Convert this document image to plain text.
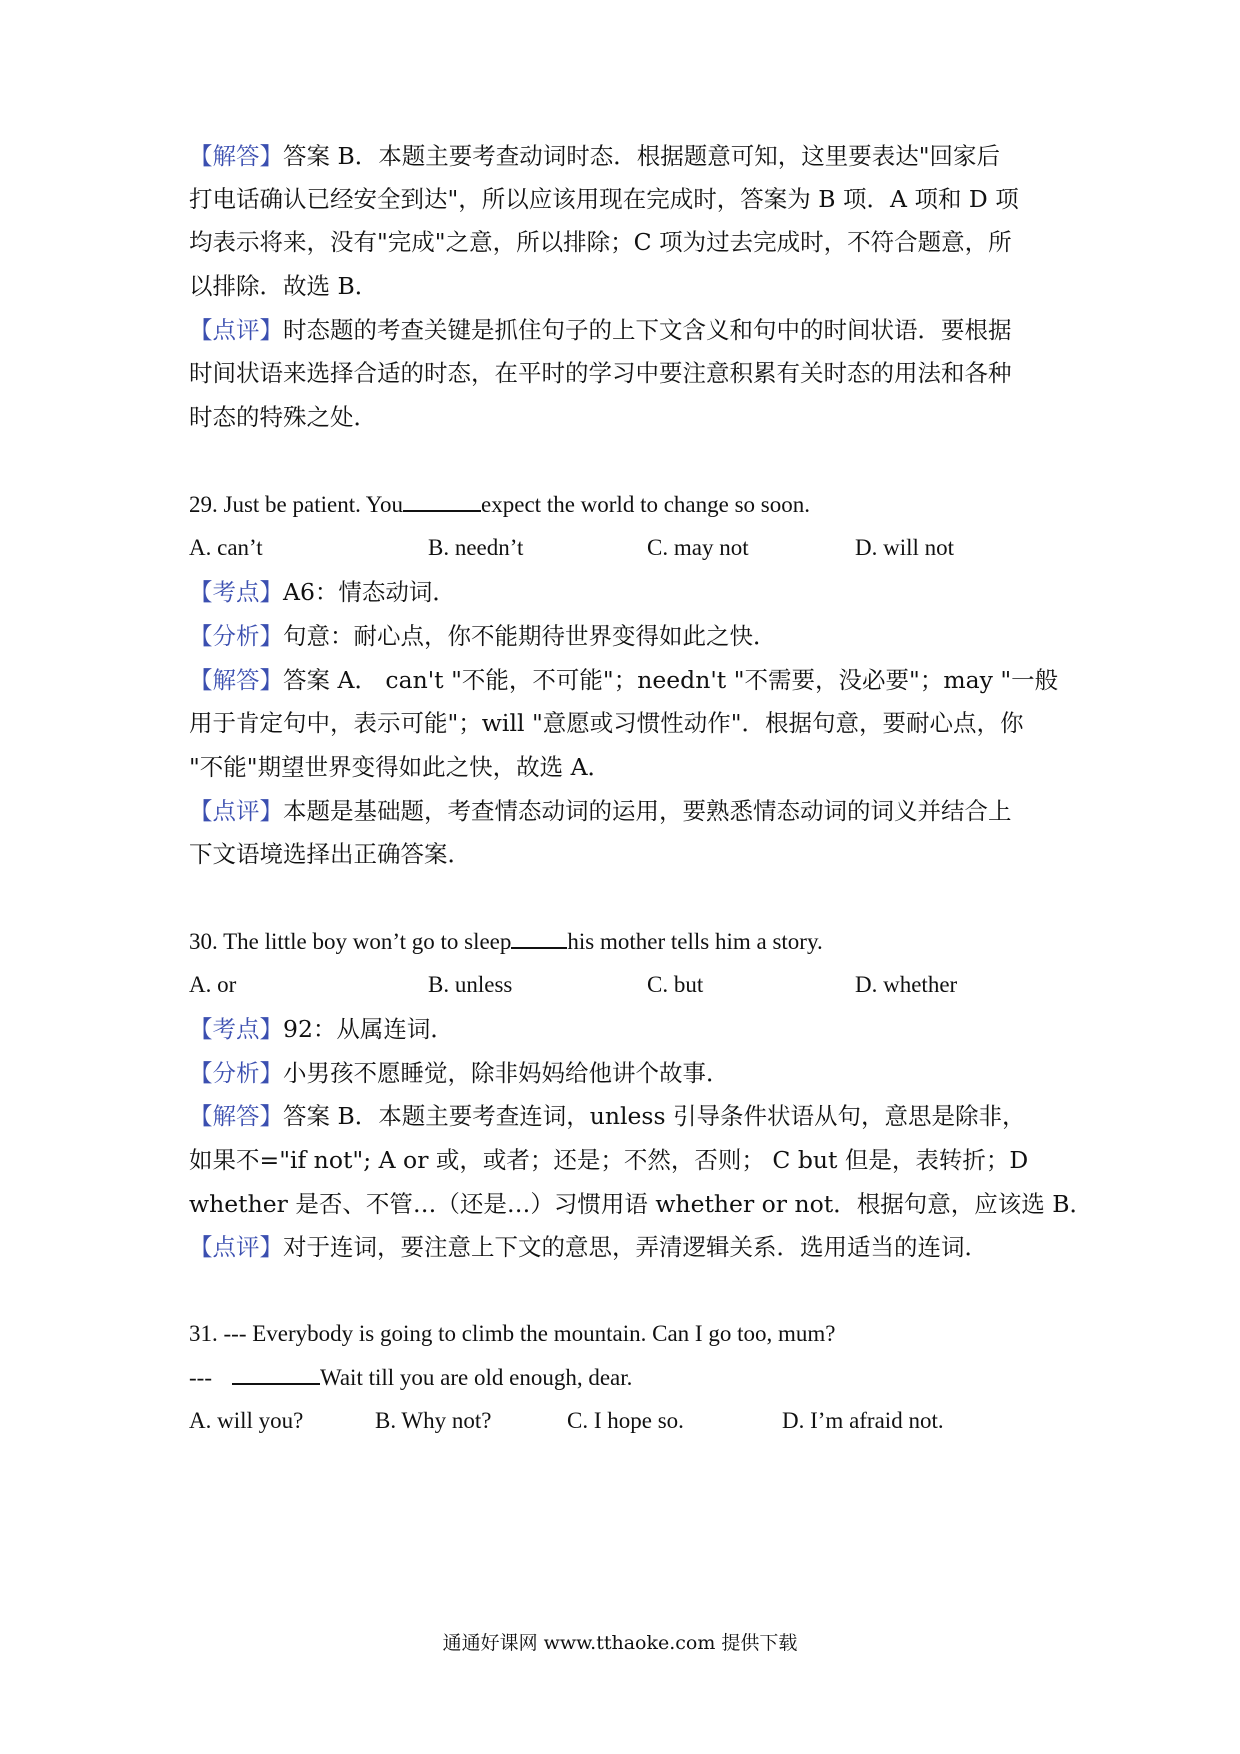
【解答】答案 B．本题主要考查动词时态．根据题意可知，这里要表达"回家后
打电话确认已经安全到达"，所以应该用现在完成时，答案为 B 项．A 项和 D 项
均表示将来，没有"完成"之意，所以排除；C 项为过去完成时，不符合题意，所
以排除．故选 B．
【点评】时态题的考查关键是抓住句子的上下文含义和句中的时间状语．要根据
时间状语来选择合适的时态，在平时的学习中要注意积累有关时态的用法和各种
时态的特殊之处．
29. Just be patient. You	expect the world to change so soon.
A. can’t	B. needn’t	C. may not	D. will not
【考点】A6：情态动词．
【分析】句意：耐心点，你不能期待世界变得如此之快．
【解答】答案 A． can't "不能，不可能"；needn't "不需要，没必要"；may "一般
用于肯定句中，表示可能"；will "意愿或习惯性动作"．根据句意，要耐心点，你
"不能"期望世界变得如此之快，故选 A．
【点评】本题是基础题，考查情态动词的运用，要熟悉情态动词的词义并结合上
下文语境选择出正确答案．
30. The little boy won’t go to sleep his mother tells him a story.
A. or	B. unless	C. but	D. whether
【考点】92：从属连词．
【分析】小男孩不愿睡觉，除非妈妈给他讲个故事．
【解答】答案 B．本题主要考查连词，unless 引导条件状语从句，意思是除非，
如果不="if not"; A or 或，或者；还是；不然，否则； C but 但是，表转折；D
whether 是否、不管…（还是…）习惯用语 whether or not．根据句意，应该选 B．
【点评】对于连词，要注意上下文的意思，弄清逻辑关系．选用适当的连词．
31. --- Everybody is going to climb the mountain. Can I go too, mum?
---	Wait till you are old enough, dear.
A. will you?	B. Why not?	C. I hope so.	D. I’m afraid not.
通通好课网 www.tthaoke.com 提供下载
